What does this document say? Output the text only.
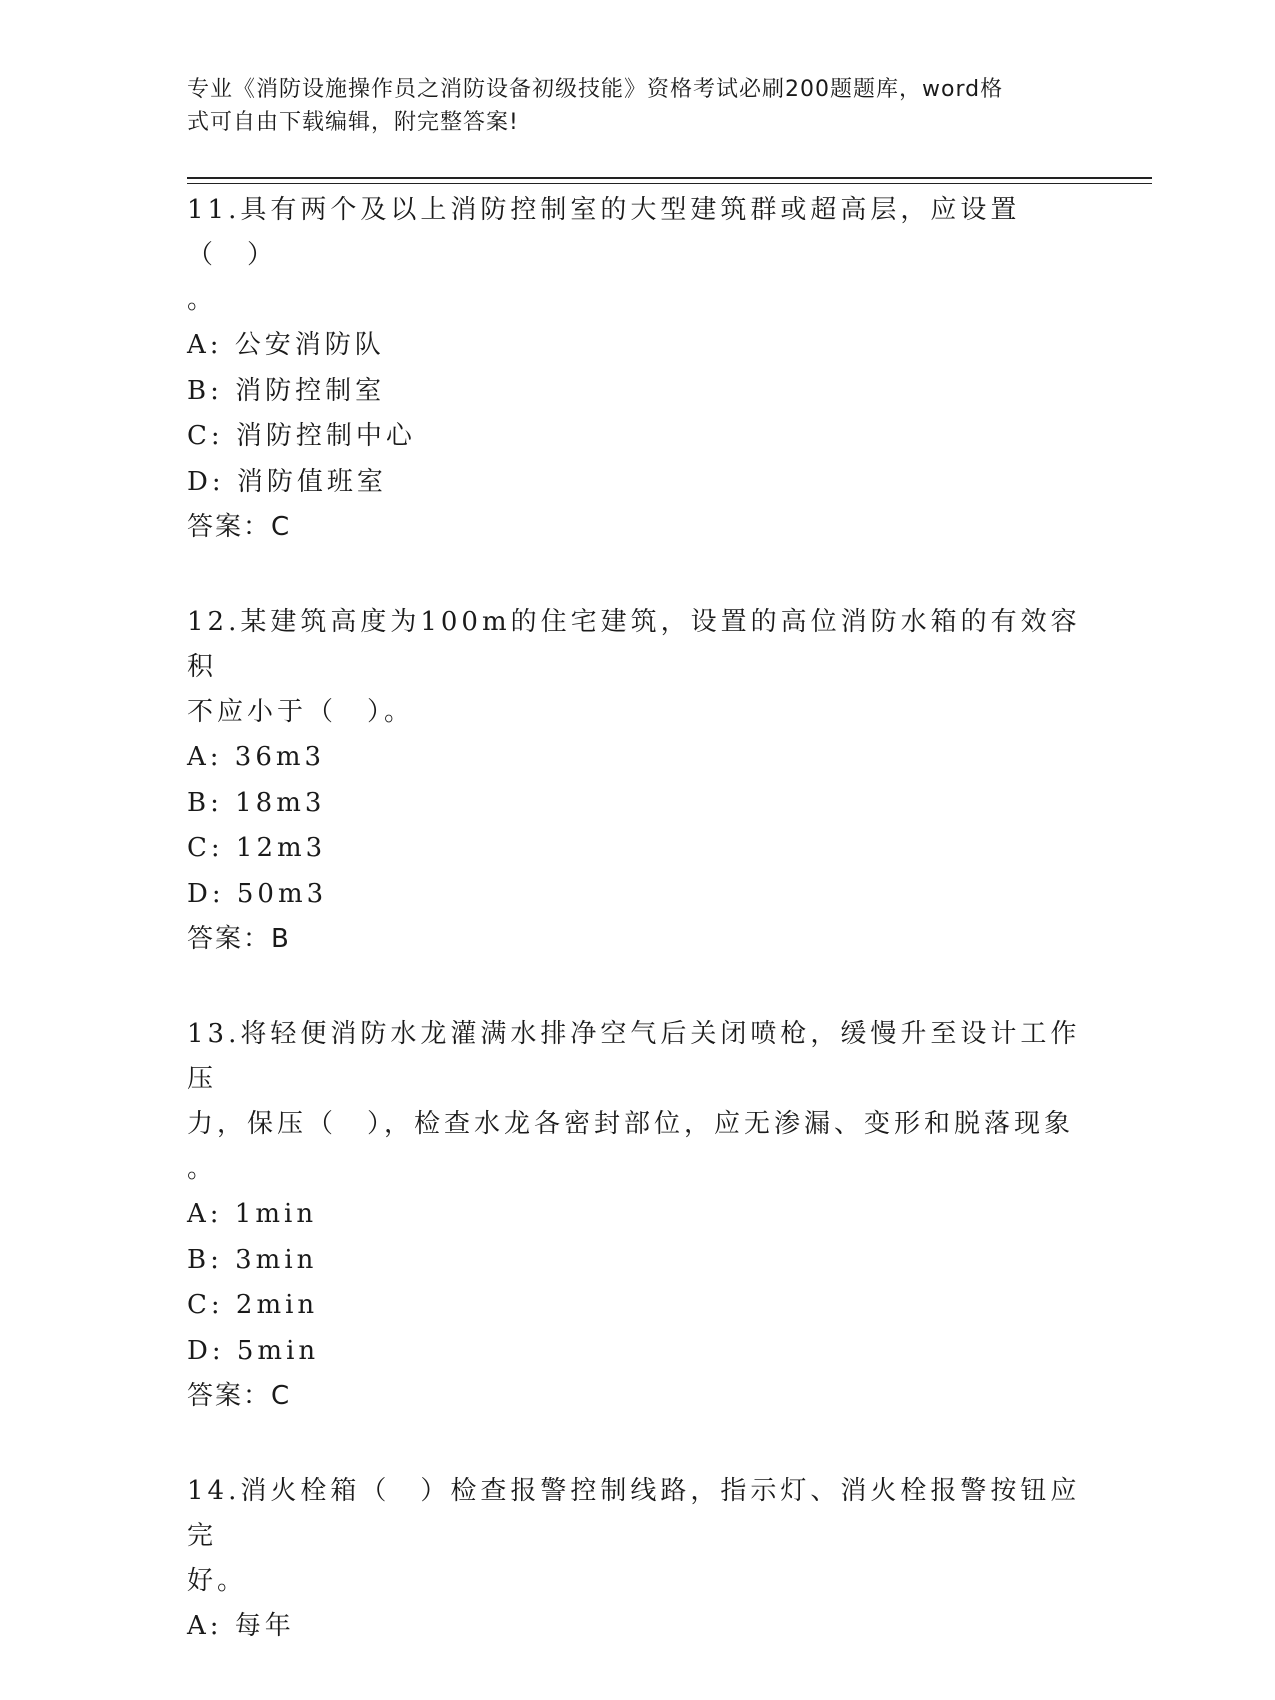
专业《消防设施操作员之消防设备初级技能》资格考试必刷200题题库，word格
式可自由下载编辑，附完整答案!
11.具有两个及以上消防控制室的大型建筑群或超高层，应设置（　）
。
A: 公安消防队
B: 消防控制室
C: 消防控制中心
D: 消防值班室
答案：C
12.某建筑高度为100m的住宅建筑，设置的高位消防水箱的有效容积
不应小于（　）。
A: 36m3
B: 18m3
C: 12m3
D: 50m3
答案：B
13.将轻便消防水龙灌满水排净空气后关闭喷枪，缓慢升至设计工作压
力，保压（　），检查水龙各密封部位，应无渗漏、变形和脱落现象
。
A: 1min
B: 3min
C: 2min
D: 5min
答案：C
14.消火栓箱（　）检查报警控制线路，指示灯、消火栓报警按钮应完
好。
A: 每年
